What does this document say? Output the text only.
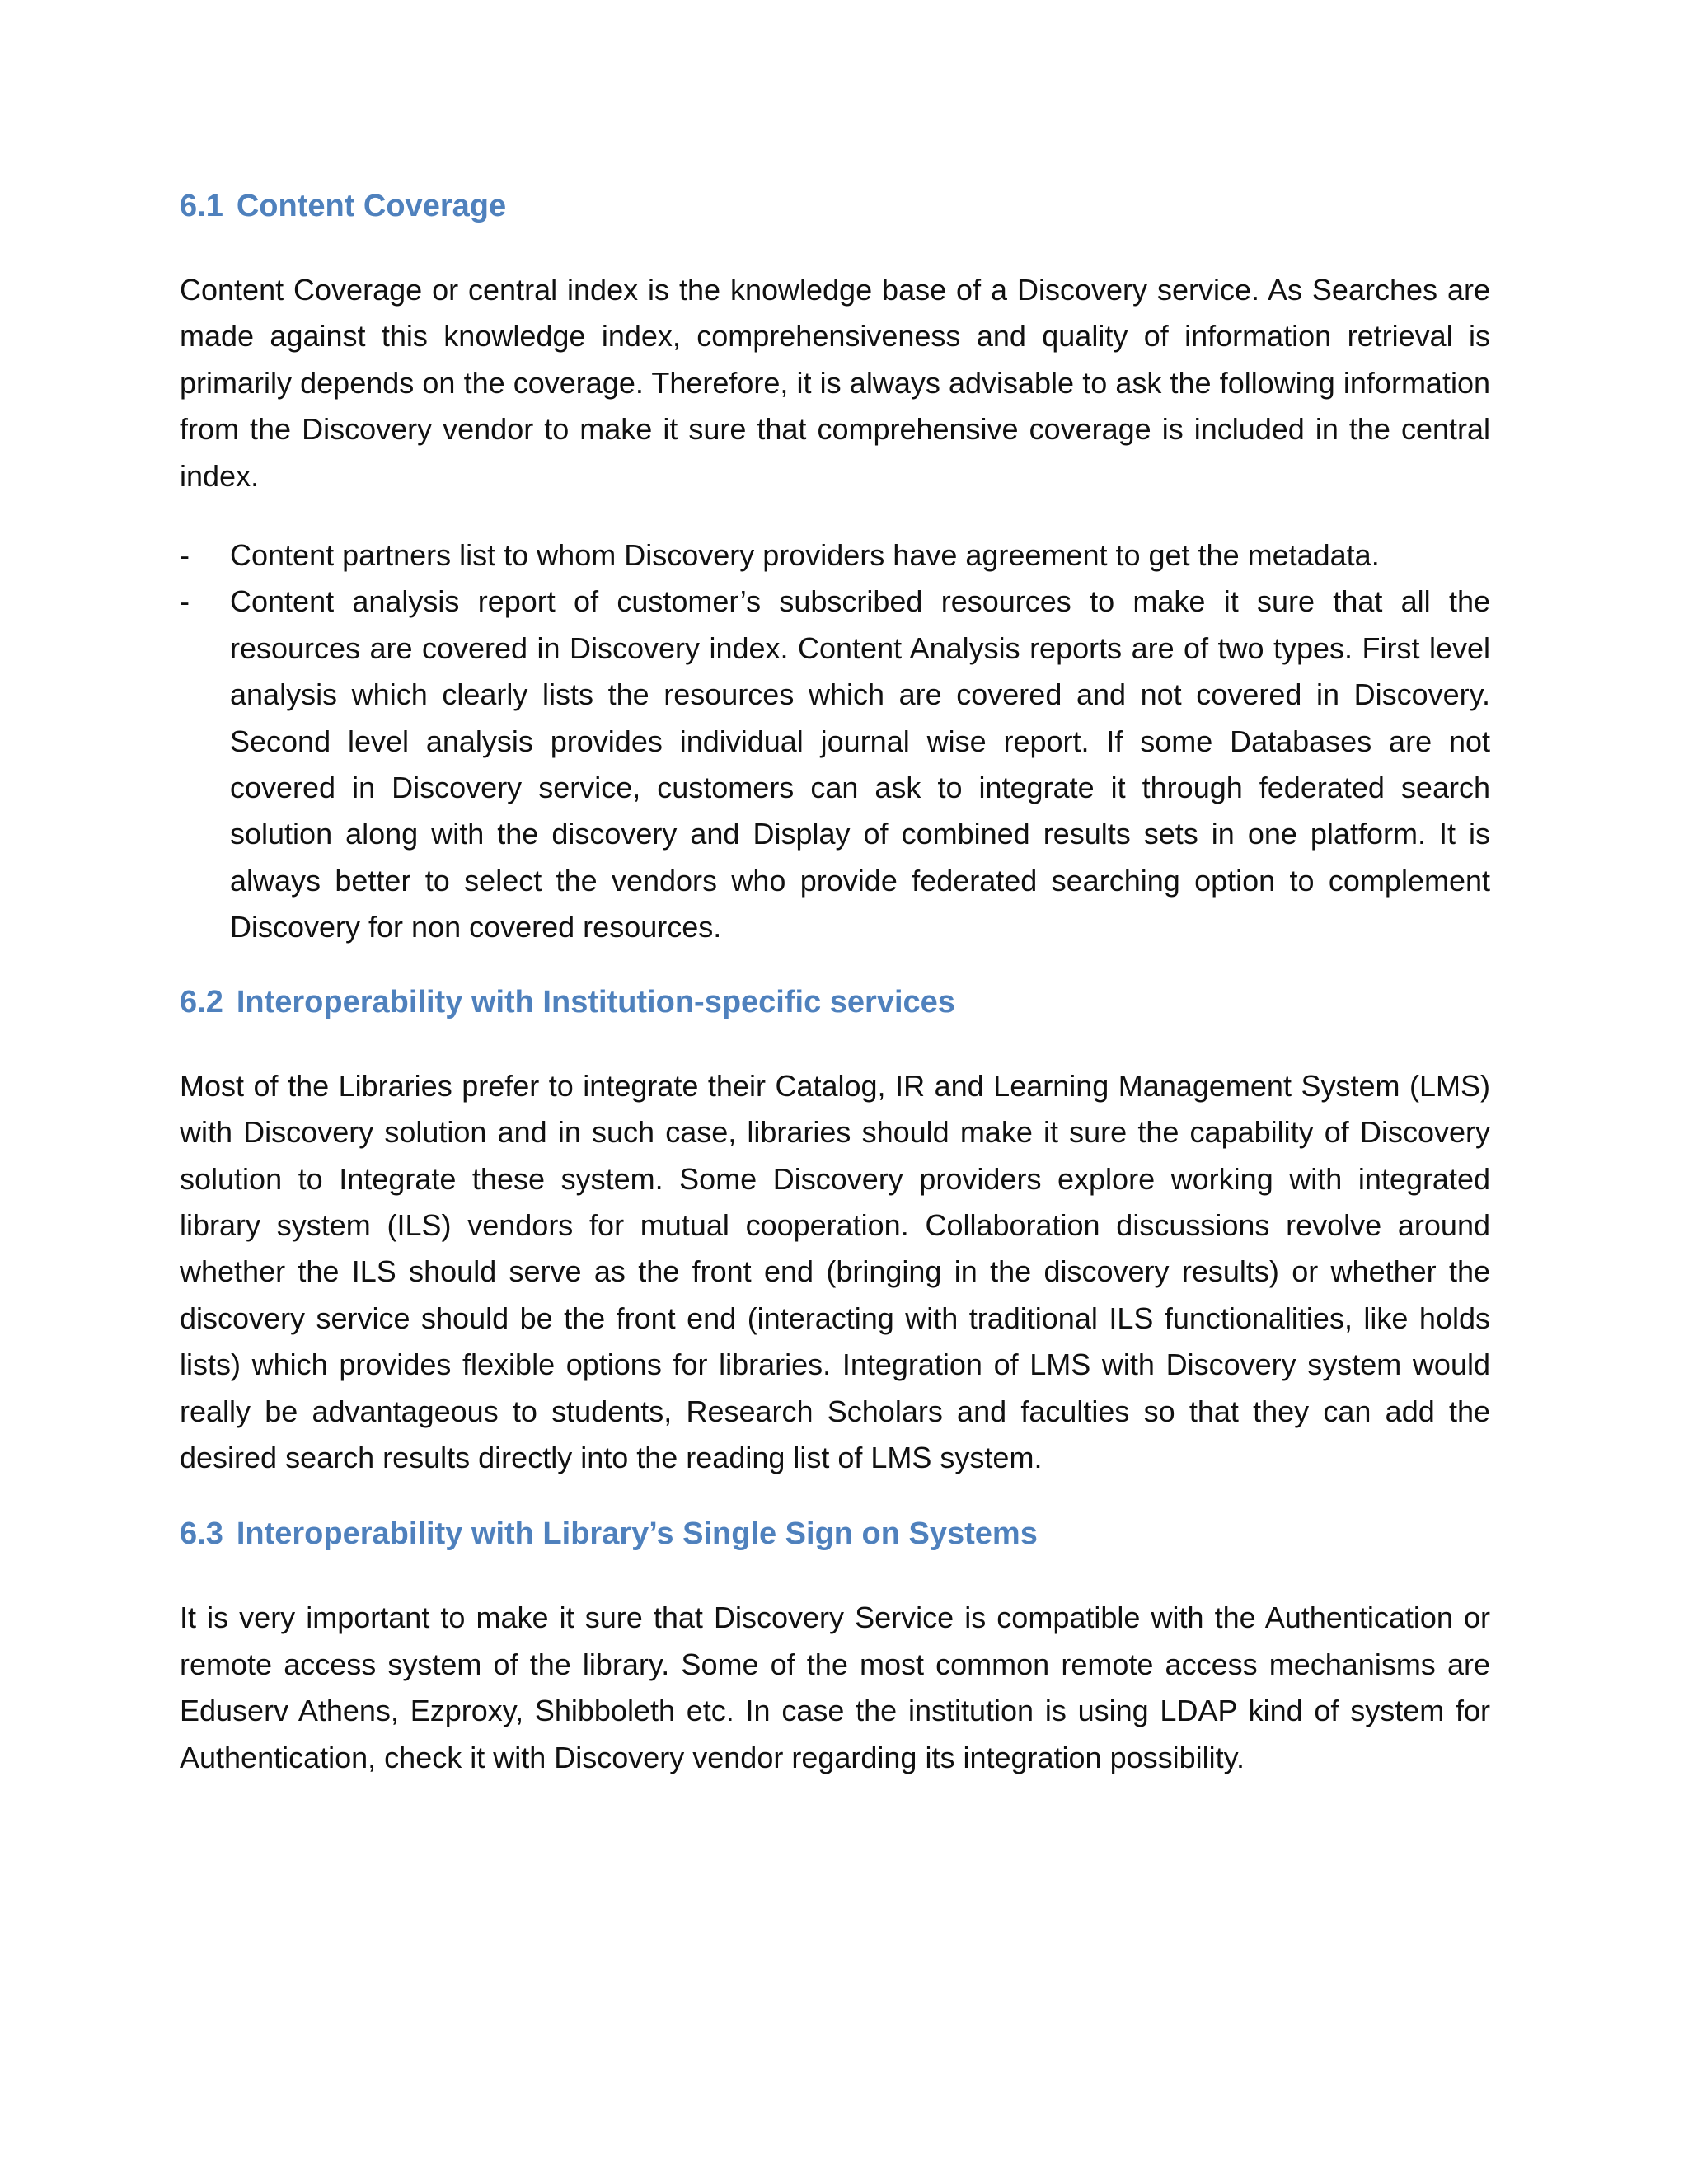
6.1 Content Coverage

Content Coverage or central index is the knowledge base of a Discovery service. As Searches are made against this knowledge index, comprehensiveness and quality of information retrieval is primarily depends on the coverage. Therefore, it is always advisable to ask the following information from the Discovery vendor to make it sure that comprehensive coverage is included in the central index.

- Content partners list to whom Discovery providers have agreement to get the metadata.
- Content analysis report of customer’s subscribed resources to make it sure that all the resources are covered in Discovery index. Content Analysis reports are of two types. First level analysis which clearly lists the resources which are covered and not covered in Discovery. Second level analysis provides individual journal wise report. If some Databases are not covered in Discovery service, customers can ask to integrate it through federated search solution along with the discovery and Display of combined results sets in one platform. It is always better to select the vendors who provide federated searching option to complement Discovery for non covered resources.
6.2 Interoperability with Institution-specific services

Most of the Libraries prefer to integrate their Catalog, IR and Learning Management System (LMS) with Discovery solution and in such case, libraries should make it sure the capability of Discovery solution to Integrate these system. Some Discovery providers explore working with integrated library system (ILS) vendors for mutual cooperation. Collaboration discussions revolve around whether the ILS should serve as the front end (bringing in the discovery results) or whether the discovery service should be the front end (interacting with traditional ILS functionalities, like holds lists) which provides flexible options for libraries. Integration of LMS with Discovery system would really be advantageous to students, Research Scholars and faculties so that they can add the desired search results directly into the reading list of LMS system.

6.3 Interoperability with Library’s Single Sign on Systems

It is very important to make it sure that Discovery Service is compatible with the Authentication or remote access system of the library. Some of the most common remote access mechanisms are Eduserv Athens, Ezproxy, Shibboleth etc. In case the institution is using LDAP kind of system for Authentication, check it with Discovery vendor regarding its integration possibility.
